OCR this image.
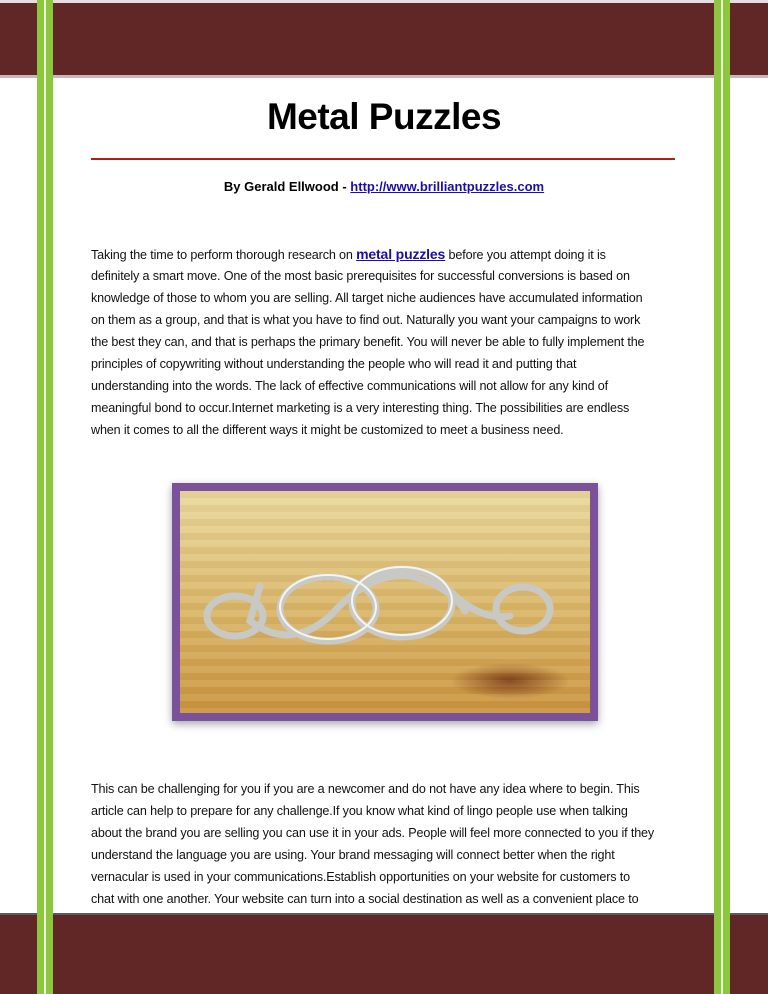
Metal Puzzles
By Gerald Ellwood - http://www.brilliantpuzzles.com
Taking the time to perform thorough research on metal puzzles before you attempt doing it is
definitely a smart move. One of the most basic prerequisites for successful conversions is based on
knowledge of those to whom you are selling. All target niche audiences have accumulated information
on them as a group, and that is what you have to find out. Naturally you want your campaigns to work
the best they can, and that is perhaps the primary benefit. You will never be able to fully implement the
principles of copywriting without understanding the people who will read it and putting that
understanding into the words. The lack of effective communications will not allow for any kind of
meaningful bond to occur.Internet marketing is a very interesting thing. The possibilities are endless
when it comes to all the different ways it might be customized to meet a business need.
This can be challenging for you if you are a newcomer and do not have any idea where to begin. This
article can help to prepare for any challenge.If you know what kind of lingo people use when talking
about the brand you are selling you can use it in your ads. People will feel more connected to you if they
understand the language you are using. Your brand messaging will connect better when the right
vernacular is used in your communications.Establish opportunities on your website for customers to
chat with one another. Your website can turn into a social destination as well as a convenient place to
